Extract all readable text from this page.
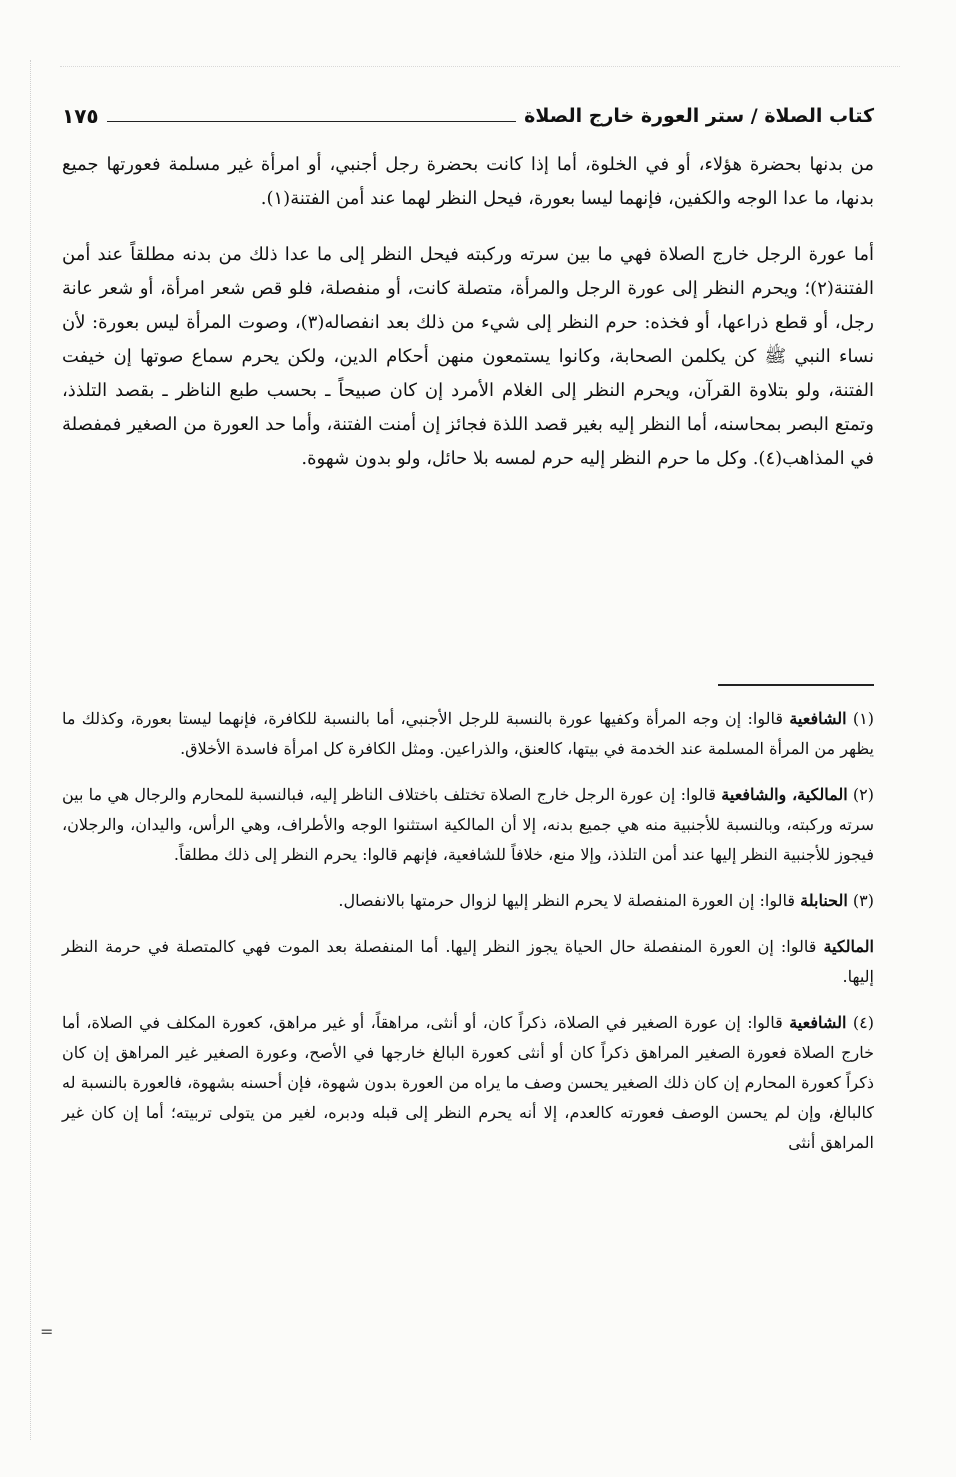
كتاب الصلاة / ستر العورة خارج الصلاة
١٧٥

من بدنها بحضرة هؤلاء، أو في الخلوة، أما إذا كانت بحضرة رجل أجنبي، أو امرأة غير مسلمة فعورتها جميع بدنها، ما عدا الوجه والكفين، فإنهما ليسا بعورة، فيحل النظر لهما عند أمن الفتنة(١).

أما عورة الرجل خارج الصلاة فهي ما بين سرته وركبته فيحل النظر إلى ما عدا ذلك من بدنه مطلقاً عند أمن الفتنة(٢)؛ ويحرم النظر إلى عورة الرجل والمرأة، متصلة كانت، أو منفصلة، فلو قص شعر امرأة، أو شعر عانة رجل، أو قطع ذراعها، أو فخذه: حرم النظر إلى شيء من ذلك بعد انفصاله(٣)، وصوت المرأة ليس بعورة: لأن نساء النبي ﷺ كن يكلمن الصحابة، وكانوا يستمعون منهن أحكام الدين، ولكن يحرم سماع صوتها إن خيفت الفتنة، ولو بتلاوة القرآن، ويحرم النظر إلى الغلام الأمرد إن كان صبيحاً ـ بحسب طبع الناظر ـ بقصد التلذذ، وتمتع البصر بمحاسنه، أما النظر إليه بغير قصد اللذة فجائز إن أمنت الفتنة، وأما حد العورة من الصغير فمفصلة في المذاهب(٤). وكل ما حرم النظر إليه حرم لمسه بلا حائل، ولو بدون شهوة.

(١) الشافعية قالوا: إن وجه المرأة وكفيها عورة بالنسبة للرجل الأجنبي، أما بالنسبة للكافرة، فإنهما ليستا بعورة، وكذلك ما يظهر من المرأة المسلمة عند الخدمة في بيتها، كالعنق، والذراعين. ومثل الكافرة كل امرأة فاسدة الأخلاق.

(٢) المالكية، والشافعية قالوا: إن عورة الرجل خارج الصلاة تختلف باختلاف الناظر إليه، فبالنسبة للمحارم والرجال هي ما بين سرته وركبته، وبالنسبة للأجنبية منه هي جميع بدنه، إلا أن المالكية استثنوا الوجه والأطراف، وهي الرأس، واليدان، والرجلان، فيجوز للأجنبية النظر إليها عند أمن التلذذ، وإلا منع، خلافاً للشافعية، فإنهم قالوا: يحرم النظر إلى ذلك مطلقاً.

(٣) الحنابلة قالوا: إن العورة المنفصلة لا يحرم النظر إليها لزوال حرمتها بالانفصال.

المالكية قالوا: إن العورة المنفصلة حال الحياة يجوز النظر إليها. أما المنفصلة بعد الموت فهي كالمتصلة في حرمة النظر إليها.

(٤) الشافعية قالوا: إن عورة الصغير في الصلاة، ذكراً كان، أو أنثى، مراهقاً، أو غير مراهق، كعورة المكلف في الصلاة، أما خارج الصلاة فعورة الصغير المراهق ذكراً كان أو أنثى كعورة البالغ خارجها في الأصح، وعورة الصغير غير المراهق إن كان ذكراً كعورة المحارم إن كان ذلك الصغير يحسن وصف ما يراه من العورة بدون شهوة، فإن أحسنه بشهوة، فالعورة بالنسبة له كالبالغ، وإن لم يحسن الوصف فعورته كالعدم، إلا أنه يحرم النظر إلى قبله ودبره، لغير من يتولى تربيته؛ أما إن كان غير المراهق أنثى

=
